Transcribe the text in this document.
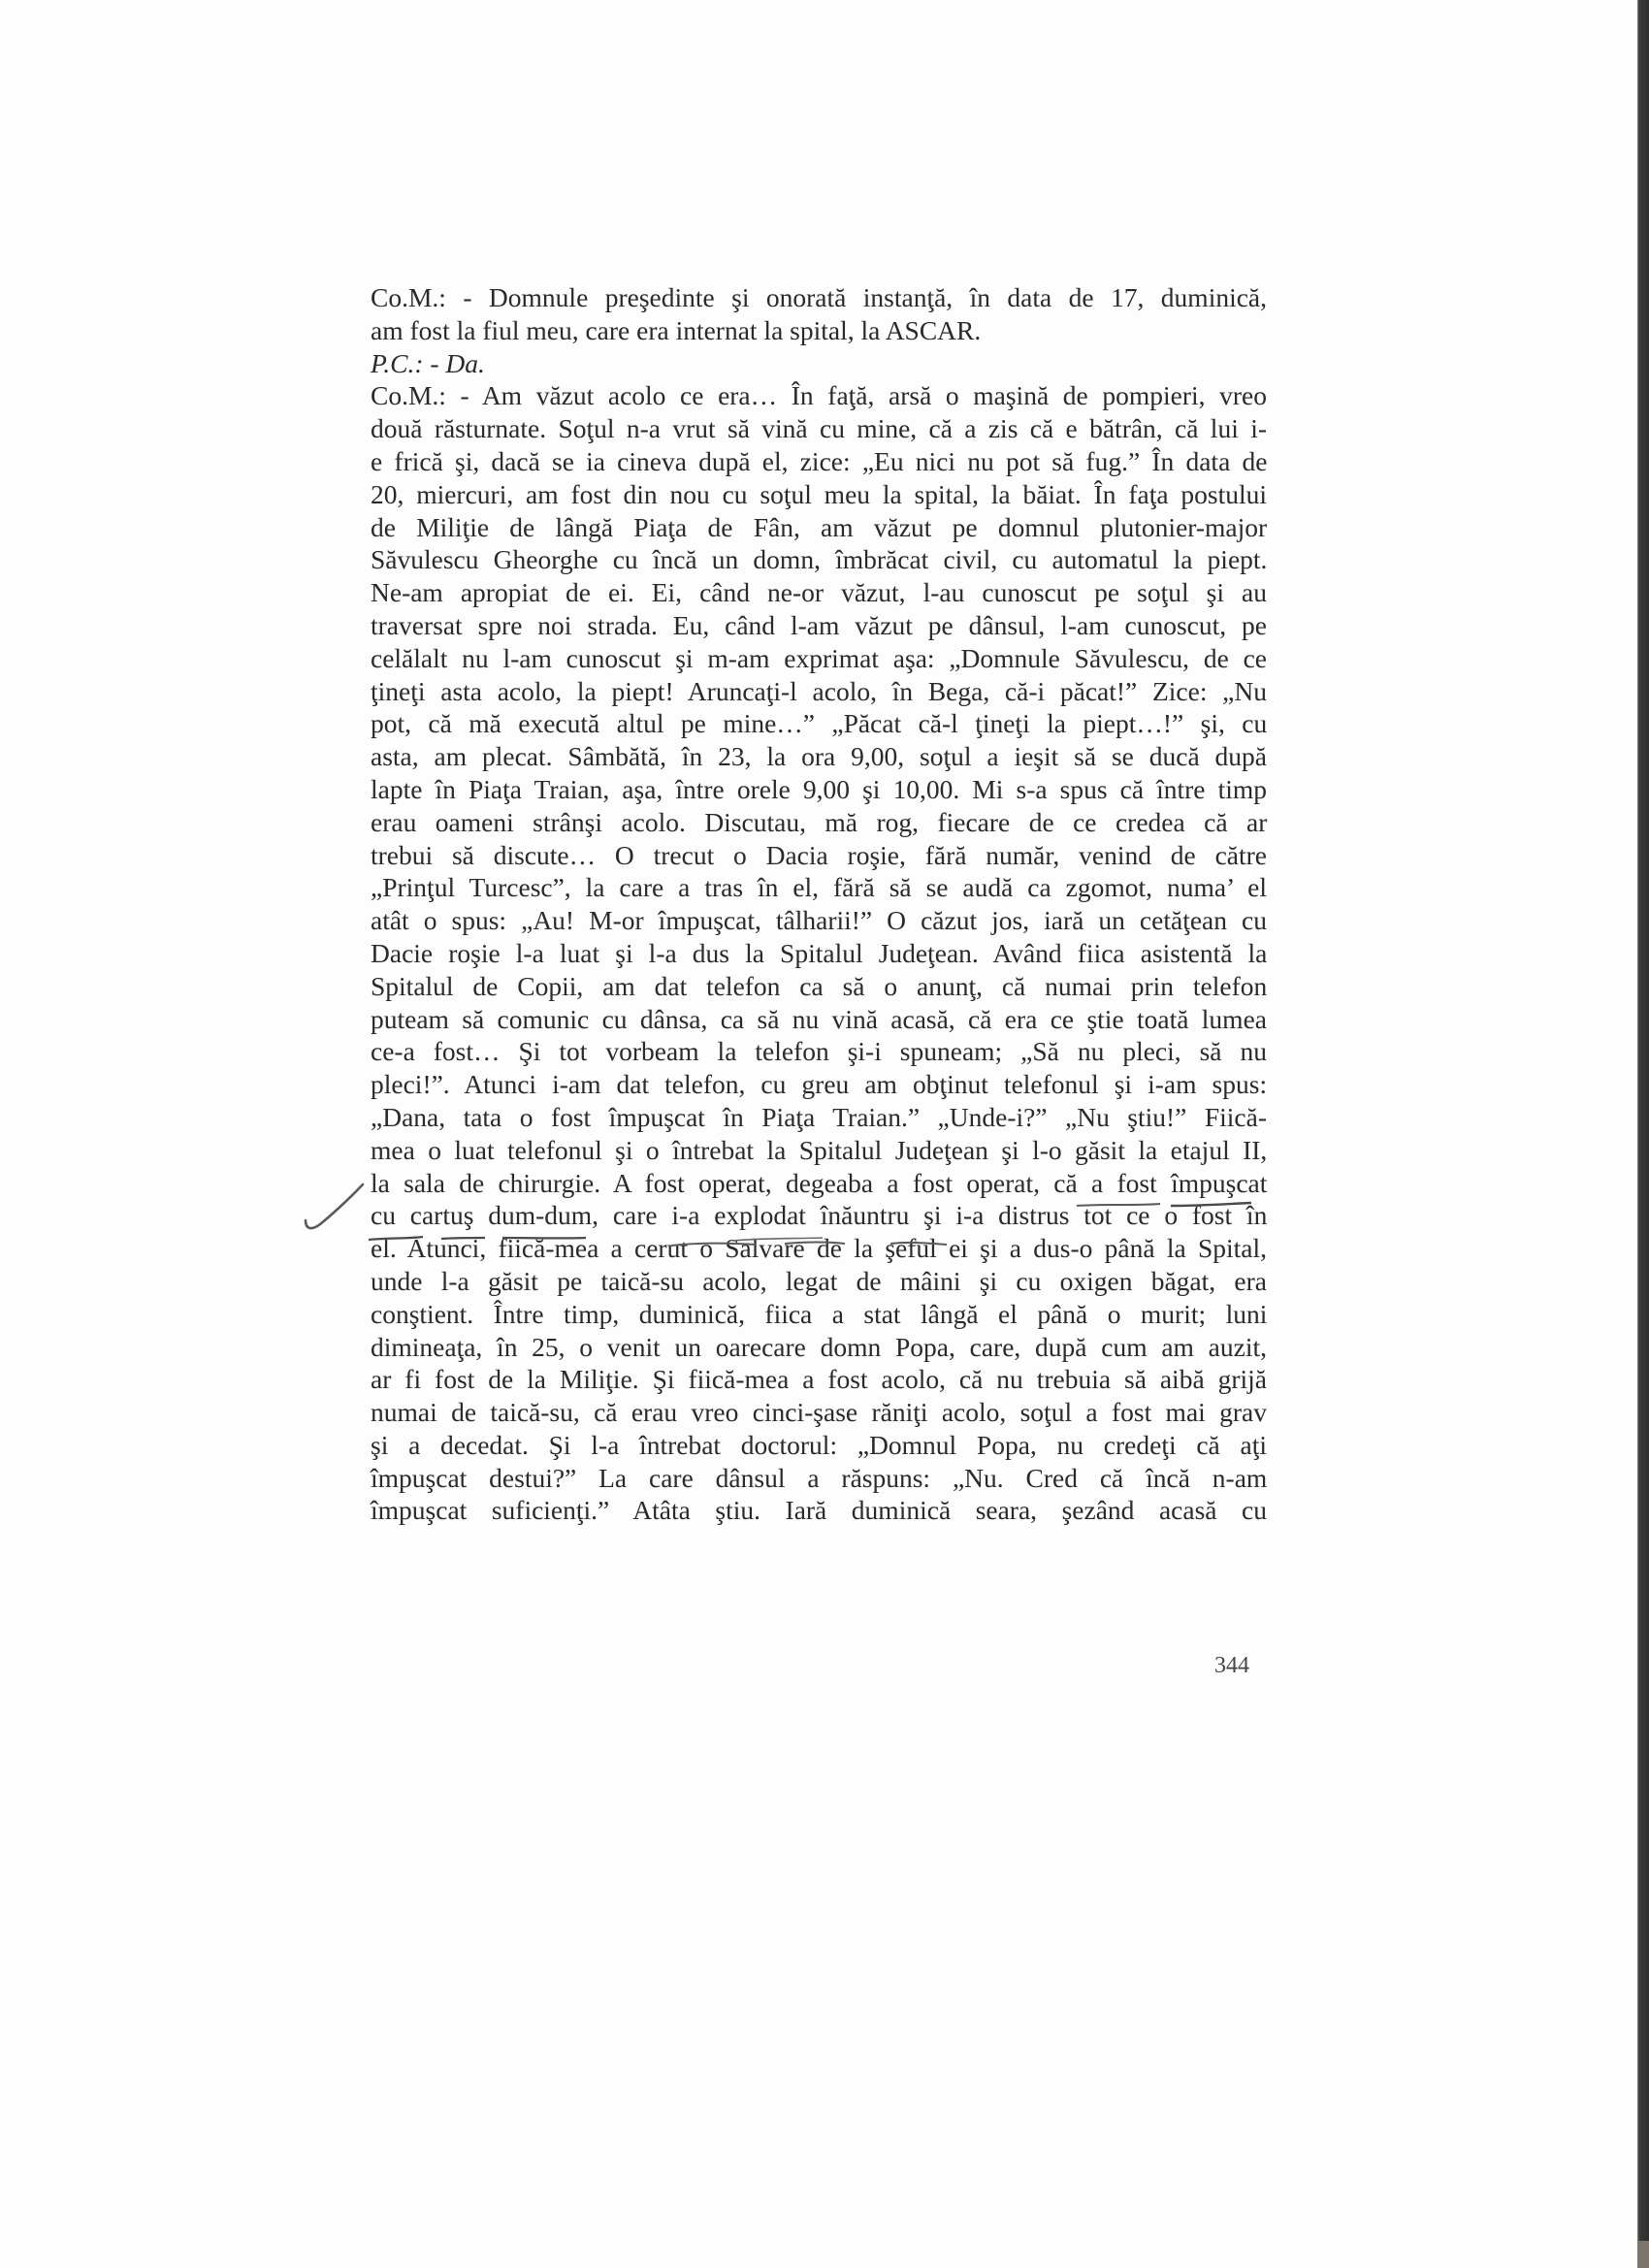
Co.M.: - Domnule preşedinte şi onorată instanţă, în data de 17, duminică,
am fost la fiul meu, care era internat la spital, la ASCAR.
P.C.: - Da.
Co.M.: - Am văzut acolo ce era… În faţă, arsă o maşină de pompieri, vreo
două răsturnate. Soţul n-a vrut să vină cu mine, că a zis că e bătrân, că lui i-
e frică şi, dacă se ia cineva după el, zice: „Eu nici nu pot să fug.” În data de
20, miercuri, am fost din nou cu soţul meu la spital, la băiat. În faţa postului
de Miliţie de lângă Piaţa de Fân, am văzut pe domnul plutonier-major
Săvulescu Gheorghe cu încă un domn, îmbrăcat civil, cu automatul la piept.
Ne-am apropiat de ei. Ei, când ne-or văzut, l-au cunoscut pe soţul şi au
traversat spre noi strada. Eu, când l-am văzut pe dânsul, l-am cunoscut, pe
celălalt nu l-am cunoscut şi m-am exprimat aşa: „Domnule Săvulescu, de ce
ţineţi asta acolo, la piept! Aruncaţi-l acolo, în Bega, că-i păcat!” Zice: „Nu
pot, că mă execută altul pe mine…” „Păcat că-l ţineţi la piept…!” şi, cu
asta, am plecat. Sâmbătă, în 23, la ora 9,00, soţul a ieşit să se ducă după
lapte în Piaţa Traian, aşa, între orele 9,00 şi 10,00. Mi s-a spus că între timp
erau oameni strânşi acolo. Discutau, mă rog, fiecare de ce credea că ar
trebui să discute… O trecut o Dacia roşie, fără număr, venind de către
„Prinţul Turcesc”, la care a tras în el, fără să se audă ca zgomot, numa’ el
atât o spus: „Au! M-or împuşcat, tâlharii!” O căzut jos, iară un cetăţean cu
Dacie roşie l-a luat şi l-a dus la Spitalul Judeţean. Având fiica asistentă la
Spitalul de Copii, am dat telefon ca să o anunţ, că numai prin telefon
puteam să comunic cu dânsa, ca să nu vină acasă, că era ce ştie toată lumea
ce-a fost… Şi tot vorbeam la telefon şi-i spuneam; „Să nu pleci, să nu
pleci!”. Atunci i-am dat telefon, cu greu am obţinut telefonul şi i-am spus:
„Dana, tata o fost împuşcat în Piaţa Traian.” „Unde-i?” „Nu ştiu!” Fiică-
mea o luat telefonul şi o întrebat la Spitalul Judeţean şi l-o găsit la etajul II,
la sala de chirurgie. A fost operat, degeaba a fost operat, că a fost împuşcat
cu cartuş dum-dum, care i-a explodat înăuntru şi i-a distrus tot ce o fost în
el. Atunci, fiică-mea a cerut o Salvare de la şeful ei şi a dus-o până la Spital,
unde l-a găsit pe taică-su acolo, legat de mâini şi cu oxigen băgat, era
conştient. Între timp, duminică, fiica a stat lângă el până o murit; luni
dimineaţa, în 25, o venit un oarecare domn Popa, care, după cum am auzit,
ar fi fost de la Miliţie. Şi fiică-mea a fost acolo, că nu trebuia să aibă grijă
numai de taică-su, că erau vreo cinci-şase răniţi acolo, soţul a fost mai grav
şi a decedat. Şi l-a întrebat doctorul: „Domnul Popa, nu credeţi că aţi
împuşcat destui?” La care dânsul a răspuns: „Nu. Cred că încă n-am
împuşcat suficienţi.” Atâta ştiu. Iară duminică seara, şezând acasă cu
344
